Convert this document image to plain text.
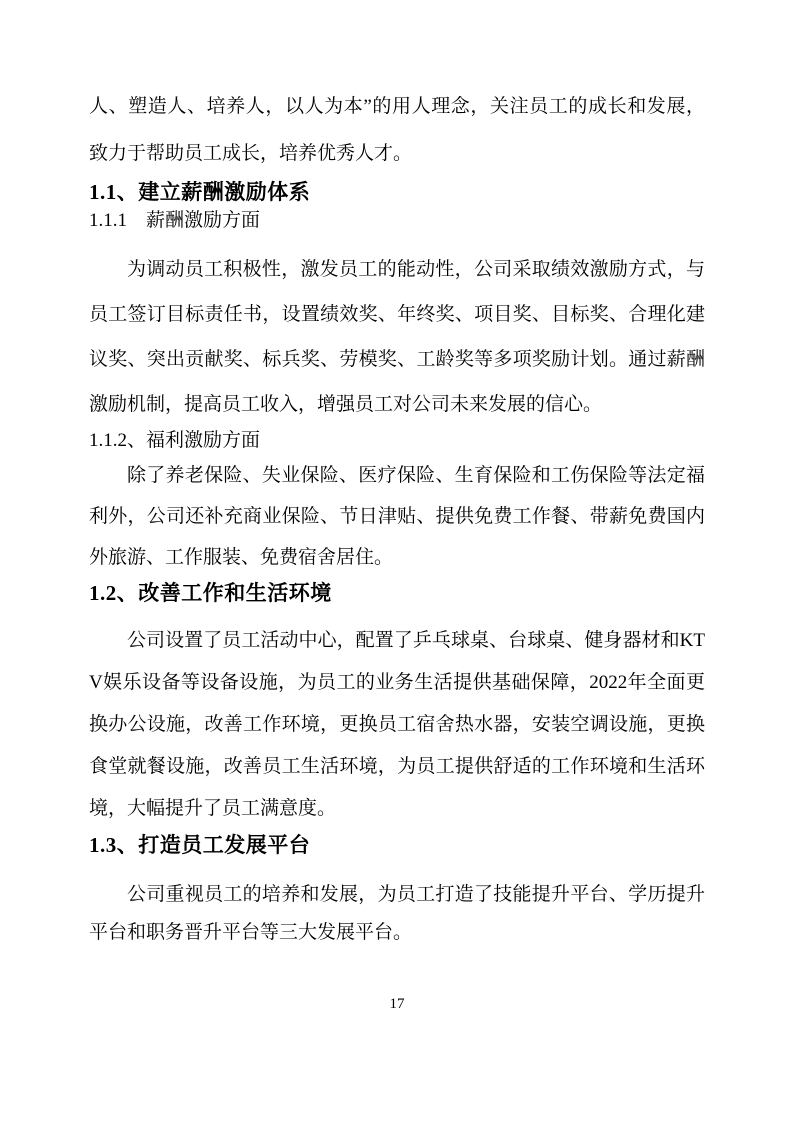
人、塑造人、培养人，以人为本”的用人理念，关注员工的成长和发展，致力于帮助员工成长，培养优秀人才。

1.1、建立薪酬激励体系
1.1.1　薪酬激励方面

为调动员工积极性，激发员工的能动性，公司采取绩效激励方式，与员工签订目标责任书，设置绩效奖、年终奖、项目奖、目标奖、合理化建议奖、突出贡献奖、标兵奖、劳模奖、工龄奖等多项奖励计划。通过薪酬激励机制，提高员工收入，增强员工对公司未来发展的信心。

1.1.2、福利激励方面

除了养老保险、失业保险、医疗保险、生育保险和工伤保险等法定福利外，公司还补充商业保险、节日津贴、提供免费工作餐、带薪免费国内外旅游、工作服装、免费宿舍居住。

1.2、改善工作和生活环境

公司设置了员工活动中心，配置了乒乓球桌、台球桌、健身器材和KTV娱乐设备等设备设施，为员工的业务生活提供基础保障，2022年全面更换办公设施，改善工作环境，更换员工宿舍热水器，安装空调设施，更换食堂就餐设施，改善员工生活环境，为员工提供舒适的工作环境和生活环境，大幅提升了员工满意度。

1.3、打造员工发展平台

公司重视员工的培养和发展，为员工打造了技能提升平台、学历提升平台和职务晋升平台等三大发展平台。

17
